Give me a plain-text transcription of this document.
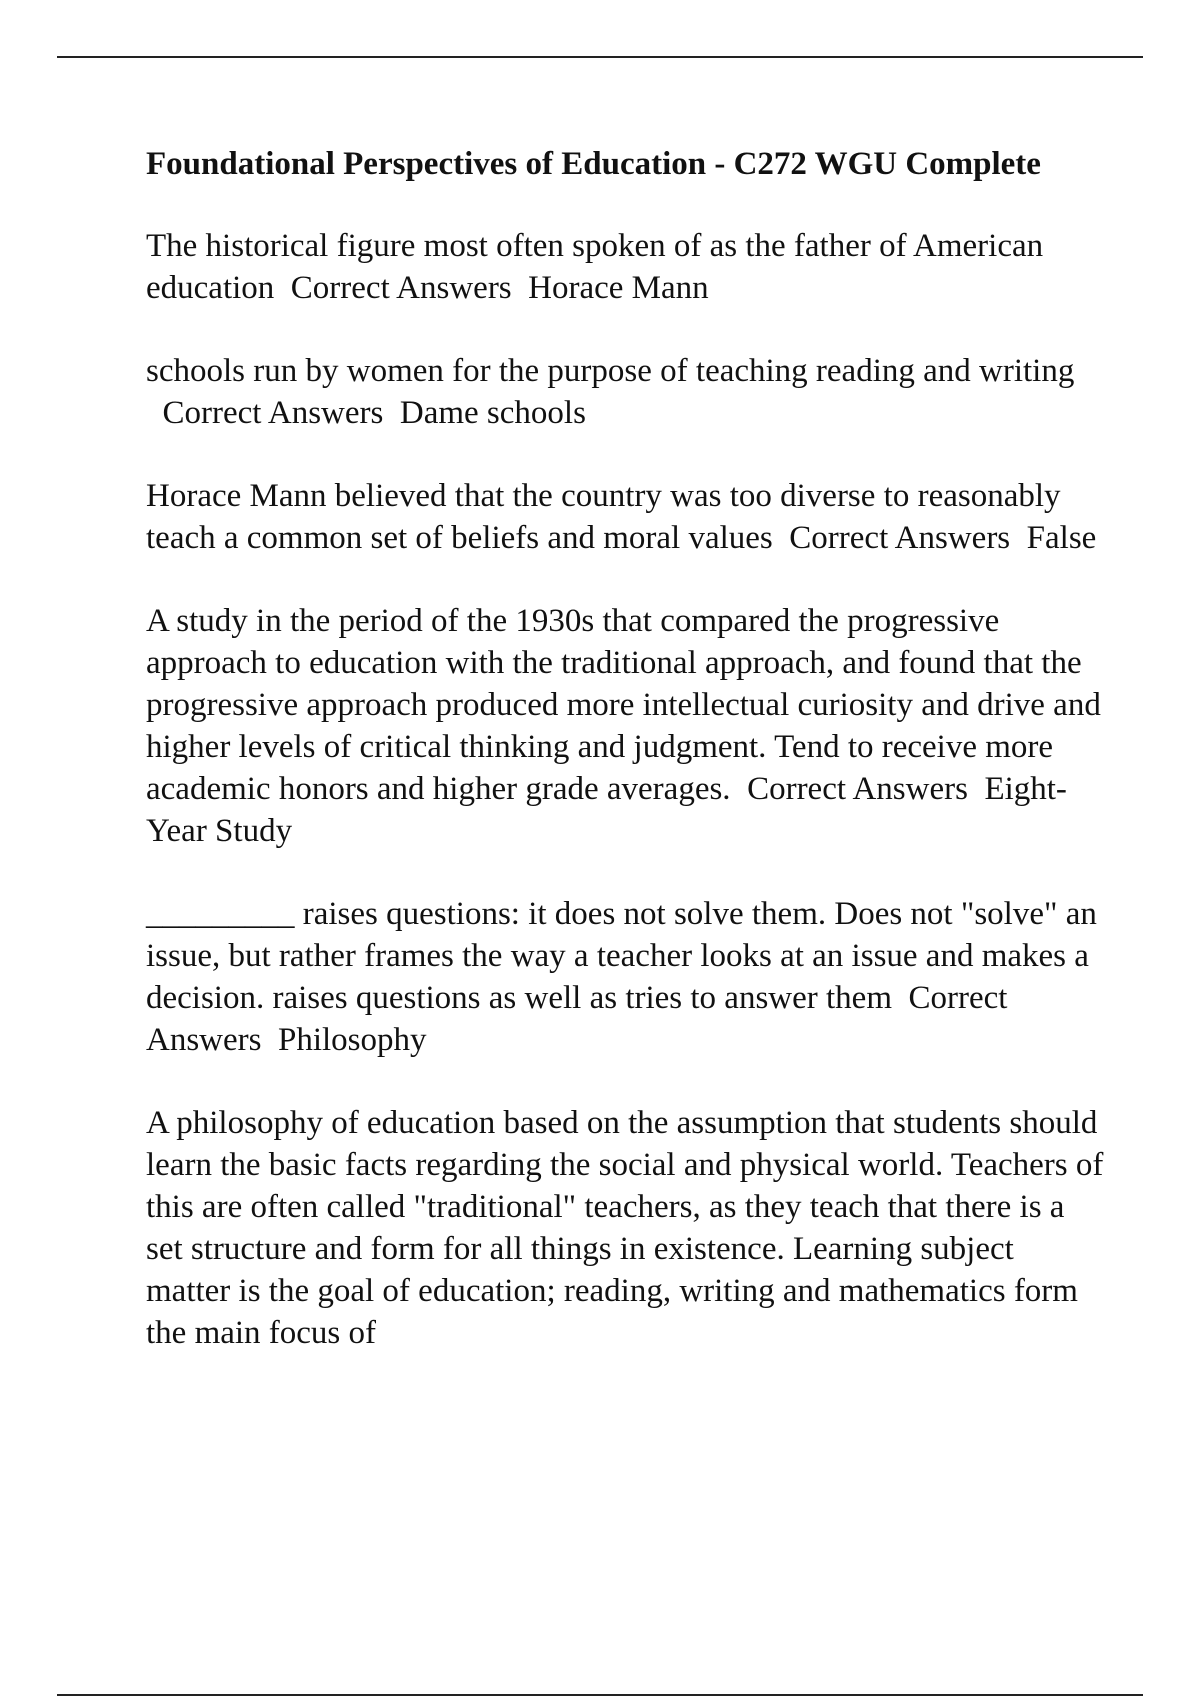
Foundational Perspectives of Education - C272 WGU Complete
The historical figure most often spoken of as the father of American education Correct Answers Horace Mann
schools run by women for the purpose of teaching reading and writing  Correct Answers Dame schools
Horace Mann believed that the country was too diverse to reasonably teach a common set of beliefs and moral values Correct Answers False
A study in the period of the 1930s that compared the progressive approach to education with the traditional approach, and found that the progressive approach produced more intellectual curiosity and drive and higher levels of critical thinking and judgment. Tend to receive more academic honors and higher grade averages. Correct Answers Eight-Year Study
_________ raises questions: it does not solve them. Does not "solve" an issue, but rather frames the way a teacher looks at an issue and makes a decision. raises questions as well as tries to answer them Correct Answers Philosophy
A philosophy of education based on the assumption that students should learn the basic facts regarding the social and physical world. Teachers of this are often called "traditional" teachers, as they teach that there is a set structure and form for all things in existence. Learning subject matter is the goal of education; reading, writing and mathematics form the main focus of
